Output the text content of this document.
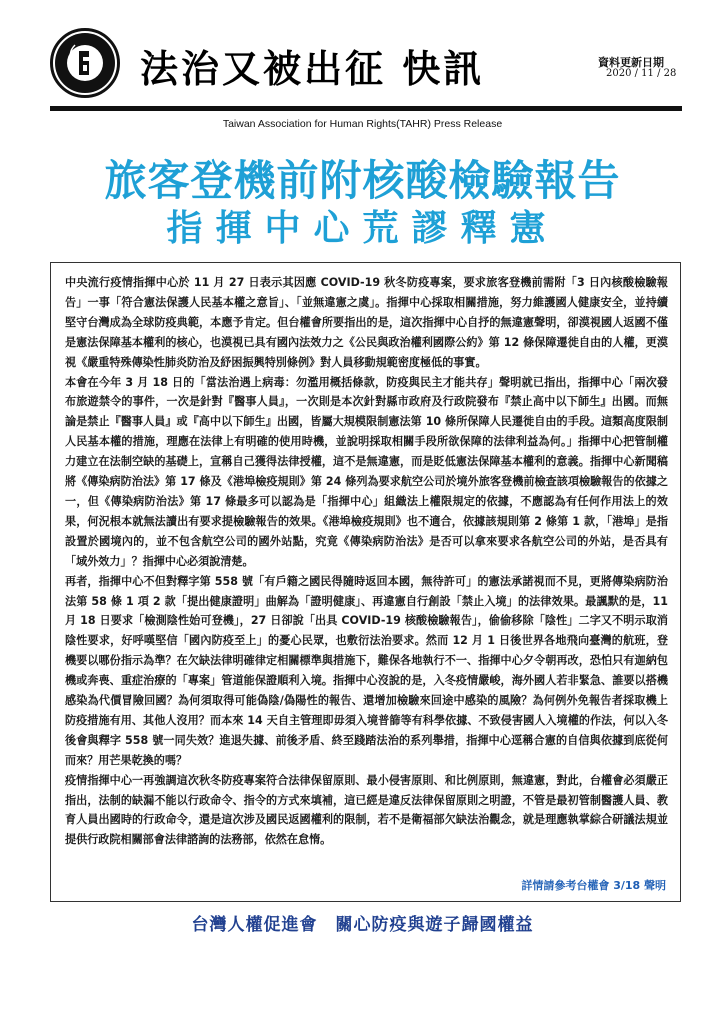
法治又被出征 快訊	資料更新日期
2020 / 11 / 28
Taiwan Association for Human Rights(TAHR) Press Release
旅客登機前附核酸檢驗報告
指揮中心荒謬釋憲

中央流行疫情指揮中心於 11 月 27 日表示其因應 COVID-19 秋冬防疫專案，要求旅客登機前需附「3 日內核酸檢驗報告」一事「符合憲法保護人民基本權之意旨」、「並無違憲之虞」。指揮中心採取相關措施，努力維護國人健康安全，並持續堅守台灣成為全球防疫典範，本應予肯定。但台權會所要指出的是，這次指揮中心自抒的無違憲聲明，卻漠視國人返國不僅是憲法保障基本權利的核心，也漠視已具有國內法效力之《公民與政治權利國際公約》第 12 條保障遷徙自由的人權，更漠視《嚴重特殊傳染性肺炎防治及紓困振興特別條例》對人員移動規範密度極低的事實。

本會在今年 3 月 18 日的「當法治遇上病毒：勿濫用概括條款，防疫與民主才能共存」聲明就已指出，指揮中心「兩次發布旅遊禁令的事件，一次是針對『醫事人員』，一次則是本次針對縣市政府及行政院發布『禁止高中以下師生』出國。而無論是禁止『醫事人員』或『高中以下師生』出國，皆屬大規模限制憲法第 10 條所保障人民遷徙自由的手段。這類高度限制人民基本權的措施，理應在法律上有明確的使用時機，並說明採取相關手段所欲保障的法律利益為何。」指揮中心把管制權力建立在法制空缺的基礎上，宣稱自己獲得法律授權，這不是無違憲，而是貶低憲法保障基本權利的意義。指揮中心新聞稿將《傳染病防治法》第 17 條及《港埠檢疫規則》第 24 條列為要求航空公司於境外旅客登機前檢查該項檢驗報告的依據之一，但《傳染病防治法》第 17 條最多可以認為是「指揮中心」組織法上權限規定的依據，不應認為有任何作用法上的效果，何況根本就無法讀出有要求提檢驗報告的效果。《港埠檢疫規則》也不適合，依據該規則第 2 條第 1 款，「港埠」是指設置於國境內的，並不包含航空公司的國外站點，究竟《傳染病防治法》是否可以拿來要求各航空公司的外站，是否具有「域外效力」？指揮中心必須說清楚。

再者，指揮中心不但對釋字第 558 號「有戶籍之國民得隨時返回本國，無待許可」的憲法承諾視而不見，更將傳染病防治法第 58 條 1 項 2 款「提出健康證明」曲解為「證明健康」、再違憲自行創設「禁止入境」的法律效果。最諷默的是，11 月 18 日要求「檢測陰性始可登機」，27 日卻說「出具 COVID-19 核酸檢驗報告」，偷偷移除「陰性」二字又不明示取消陰性要求，好呼嘆堅信「國內防疫至上」的憂心民眾，也敷衍法治要求。然而 12 月 1 日後世界各地飛向臺灣的航班，登機要以哪份指示為準？在欠缺法律明確律定相關標準與措施下，難保各地執行不一、指揮中心夕令朝再改，恐怕只有迦納包機或奔喪、重症治療的「專案」管道能保證順利入境。指揮中心沒說的是，入冬疫情嚴峻，海外國人若非緊急、誰要以搭機感染為代價冒險回國？為何須取得可能偽陰/偽陽性的報告、還增加檢驗來回途中感染的風險？為何例外免報告者採取機上防疫措施有用、其他人沒用？而本來 14 天自主管理即毋須入境普篩等有科學依據、不致侵害國人入境權的作法，何以入冬後會與釋字 558 號一同失效？進退失據、前後矛盾、終至踐踏法治的系列舉措，指揮中心逕稱合憲的自信與依據到底從何而來？用芒果乾換的嗎？

疫情指揮中心一再強調這次秋冬防疫專案符合法律保留原則、最小侵害原則、和比例原則，無違憲，對此，台權會必須嚴正指出，法制的缺漏不能以行政命令、指令的方式來填補，這已經是違反法律保留原則之明證，不管是最初管制醫護人員、教育人員出國時的行政命令，還是這次涉及國民返國權利的限制，若不是衛福部欠缺法治觀念，就是理應執掌綜合研議法規並提供行政院相關部會法律諮詢的法務部，依然在怠惰。

詳情請參考台權會 3/18 聲明
台灣人權促進會　關心防疫與遊子歸國權益
